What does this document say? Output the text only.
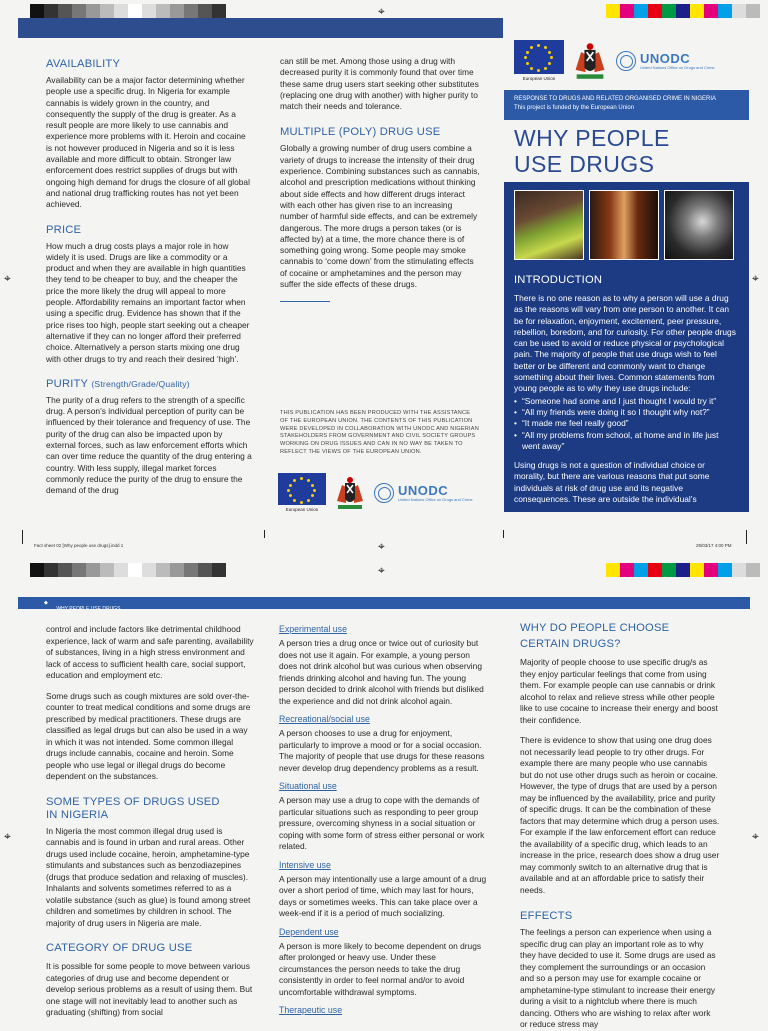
⌖
⌖	⌖
⌖
AVAILABILITY
Availability can be a major factor determining whether people use a specific drug. In Nigeria for example cannabis is widely grown in the country, and consequently the supply of the drug is greater. As a result people are more likely to use cannabis and experience more problems with it. Heroin and cocaine is not however produced in Nigeria and so it is less available and more difficult to obtain. Stronger law enforcement does restrict supplies of drugs but with ongoing high demand for drugs the closure of all global and national drug trafficking routes has not yet been achieved.
PRICE
How much a drug costs plays a major role in how widely it is used. Drugs are like a commodity or a product and when they are available in high quantities they tend to be cheaper to buy, and the cheaper the price the more likely the drug will appeal to more people. Affordability remains an important factor when using a specific drug. Evidence has shown that if the price rises too high, people start seeking out a cheaper alternative if they can no longer afford their preferred choice. Alternatively a person starts mixing one drug with other drugs to try and reach their desired ‘high’.
PURITY (Strength/Grade/Quality)
The purity of a drug refers to the strength of a specific drug. A person’s individual perception of purity can be influenced by their tolerance and frequency of use. The purity of the drug can also be impacted upon by external forces, such as law enforcement efforts which can over time reduce the quantity of the drug entering a country. With less supply, illegal market forces commonly reduce the purity of the drug to ensure the demand of the drug
can still be met. Among those using a drug with decreased purity it is commonly found that over time these same drug users start seeking other substitutes (replacing one drug with another) with higher purity to match their needs and tolerance.
MULTIPLE (POLY) DRUG USE
Globally a growing number of drug users combine a variety of drugs to increase the intensity of their drug experience. Combining substances such as cannabis, alcohol and prescription medications without thinking about side effects and how different drugs interact with each other has given rise to an increasing number of harmful side effects, and can be extremely dangerous. The more drugs a person takes (or is affected by) at a time, the more chance there is of something going wrong. Some people may smoke cannabis to ‘come down’ from the stimulating effects of cocaine or amphetamines and the person may suffer the side effects of these drugs.
THIS PUBLICATION HAS BEEN PRODUCED WITH THE ASSISTANCE OF THE EUROPEAN UNION. THE CONTENTS OF THIS PUBLICATION WERE DEVELOPED IN COLLABORATION WITH UNODC AND NIGERIAN STAKEHOLDERS FROM GOVERNMENT AND CIVIL SOCIETY GROUPS WORKING ON DRUG ISSUES AND CAN IN NO WAY BE TAKEN TO REFLECT THE VIEWS OF THE EUROPEAN UNION.
European Union
UNODC
United Nations Office on Drugs and Crime
European Union
UNODC
United Nations Office on Drugs and Crime
RESPONSE TO DRUGS AND RELATED ORGANISED CRIME IN NIGERIA
This project is funded by the European Union
WHY PEOPLE
USE DRUGS
INTRODUCTION
There is no one reason as to why a person will use a drug as the reasons will vary from one person to another. It can be for relaxation, enjoyment, excitement, peer pressure, rebellion, boredom, and for curiosity. For other people drugs can be used to avoid or reduce physical or psychological pain. The majority of people that use drugs wish to feel better or be different and commonly want to change something about their lives. Common statements from young people as to why they use drugs include:
• “Someone had some and I just thought I would try it”
• “All my friends were doing it so I thought why not?”
• “It made me feel really good”
• “All my problems from school, at home and in life just went away”
Using drugs is not a question of individual choice or morality, but there are various reasons that put some individuals at risk of drug use and its negative consequences. These are outside the individual’s
Fact sheet 02 [Why people use drugs].indd 1	29/03/17 4:00 PM
⌖
⌖	⌖
◆ WHY PEOPLE USE DRUGS
control and include factors like detrimental childhood experience, lack of warm and safe parenting, availability of substances, living in a high stress environment and lack of access to sufficient health care, social support, education and employment etc.
Some drugs such as cough mixtures are sold over-the-counter to treat medical conditions and some drugs are prescribed by medical practitioners. These drugs are classified as legal drugs but can also be used in a way in which it was not intended. Some common illegal drugs include cannabis, cocaine and heroin. Some people who use legal or illegal drugs do become dependent on the substances.
SOME TYPES OF DRUGS USED
IN NIGERIA
In Nigeria the most common illegal drug used is cannabis and is found in urban and rural areas. Other drugs used include cocaine, heroin, amphetamine-type stimulants and substances such as benzodiazepines (drugs that produce sedation and relaxing of muscles). Inhalants and solvents sometimes referred to as a volatile substance (such as glue) is found among street children and sometimes by children in school. The majority of drug users in Nigeria are male.
CATEGORY OF DRUG USE
It is possible for some people to move between various categories of drug use and become dependent or develop serious problems as a result of using them. But one stage will not inevitably lead to another such as graduating (shifting) from social
Experimental use
A person tries a drug once or twice out of curiosity but does not use it again. For example, a young person does not drink alcohol but was curious when observing friends drinking alcohol and having fun. The young person decided to drink alcohol with friends but disliked the experience and did not drink alcohol again.
Recreational/social use
A person chooses to use a drug for enjoyment, particularly to improve a mood or for a social occasion. The majority of people that use drugs for these reasons never develop drug dependency problems as a result.
Situational use
A person may use a drug to cope with the demands of particular situations such as responding to peer group pressure, overcoming shyness in a social situation or coping with some form of stress either personal or work related.
Intensive use
A person may intentionally use a large amount of a drug over a short period of time, which may last for hours, days or sometimes weeks. This can take place over a week-end if it is a period of much socializing.
Dependent use
A person is more likely to become dependent on drugs after prolonged or heavy use. Under these circumstances the person needs to take the drug consistently in order to feel normal and/or to avoid uncomfortable withdrawal symptoms.
Therapeutic use
WHY DO PEOPLE CHOOSE
CERTAIN DRUGS?
Majority of people choose to use specific drug/s as they enjoy particular feelings that come from using them. For example people can use cannabis or drink alcohol to relax and relieve stress while other people like to use cocaine to increase their energy and boost their confidence.
There is evidence to show that using one drug does not necessarily lead people to try other drugs. For example there are many people who use cannabis but do not use other drugs such as heroin or cocaine. However, the type of drugs that are used by a person may be influenced by the availability, price and purity of specific drugs. It can be the combination of these factors that may determine which drug a person uses. For example if the law enforcement effort can reduce the availability of a specific drug, which leads to an increase in the price, research does show a drug user may commonly switch to an alternative drug that is available and at an affordable price to satisfy their needs.
EFFECTS
The feelings a person can experience when using a specific drug can play an important role as to why they have decided to use it. Some drugs are used as they complement the surroundings or an occasion and so a person may use for example cocaine or amphetamine-type stimulant to increase their energy during a visit to a nightclub where there is much dancing. Others who are wishing to relax after work or reduce stress may
